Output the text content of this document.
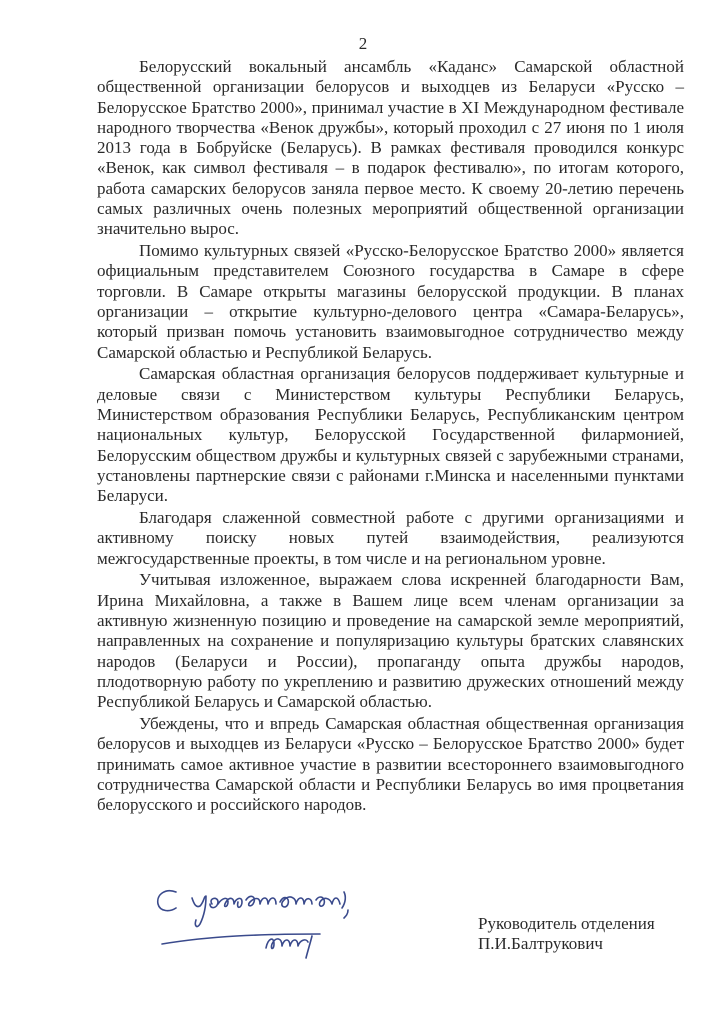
2

Белорусский вокальный ансамбль «Каданс» Самарской областной общественной организации белорусов и выходцев из Беларуси «Русско – Белорусское Братство 2000», принимал участие в XI Международном фестивале народного творчества «Венок дружбы», который проходил с 27 июня по 1 июля 2013 года в Бобруйске (Беларусь). В рамках фестиваля проводился конкурс «Венок, как символ фестиваля – в подарок фестивалю», по итогам которого, работа самарских белорусов заняла первое место. К своему 20-летию перечень самых различных очень полезных мероприятий общественной организации значительно вырос.

Помимо культурных связей «Русско-Белорусское Братство 2000» является официальным представителем Союзного государства в Самаре в сфере торговли. В Самаре открыты магазины белорусской продукции. В планах организации – открытие культурно-делового центра «Самара-Беларусь», который призван помочь установить взаимовыгодное сотрудничество между Самарской областью и Республикой Беларусь.

Самарская областная организация белорусов поддерживает культурные и деловые связи с Министерством культуры Республики Беларусь, Министерством образования Республики Беларусь, Республиканским центром национальных культур, Белорусской Государственной филармонией, Белорусским обществом дружбы и культурных связей с зарубежными странами, установлены партнерские связи с районами г.Минска и населенными пунктами Беларуси.

Благодаря слаженной совместной работе с другими организациями и активному поиску новых путей взаимодействия, реализуются межгосударственные проекты, в том числе и на региональном уровне.

Учитывая изложенное, выражаем слова искренней благодарности Вам, Ирина Михайловна, а также в Вашем лице всем членам организации за активную жизненную позицию и проведение на самарской земле мероприятий, направленных на сохранение и популяризацию культуры братских славянских народов (Беларуси и России), пропаганду опыта дружбы народов, плодотворную работу по укреплению и развитию дружеских отношений между Республикой Беларусь и Самарской областью.

Убеждены, что и впредь Самарская областная общественная организация белорусов и выходцев из Беларуси «Русско – Белорусское Братство 2000» будет принимать самое активное участие в развитии всестороннего взаимовыгодного сотрудничества Самарской области и Республики Беларусь во имя процветания белорусского и российского народов.

Руководитель отделения
П.И.Балтрукович
